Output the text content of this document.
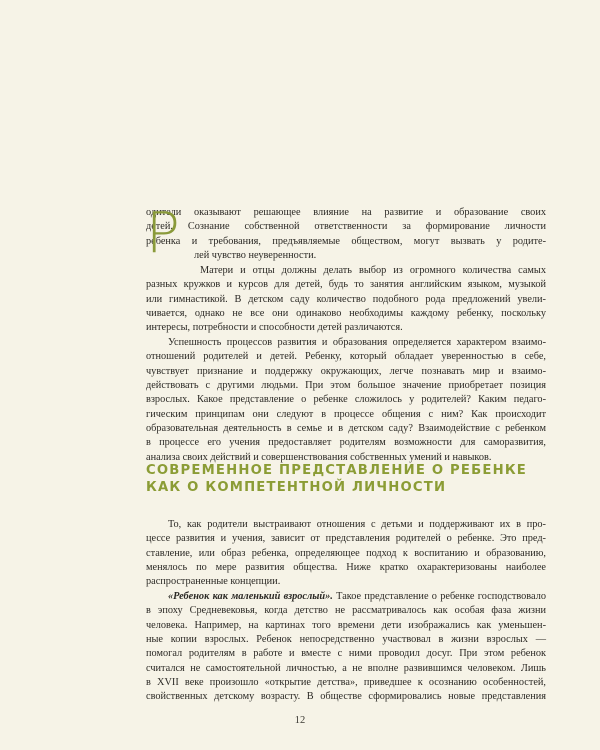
Р

одители оказывают решающее влияние на развитие и образование своих

детей. Сознание собственной ответственности за формирование личности

ребенка и требования, предъявляемые обществом, могут вызвать у родите-

лей чувство неуверенности.

Матери и отцы должны делать выбор из огромного количества самых

разных кружков и курсов для детей, будь то занятия английским языком, музыкой

или гимнастикой. В детском саду количество подобного рода предложений увели-

чивается, однако не все они одинаково необходимы каждому ребенку, поскольку

интересы, потребности и способности детей различаются.

Успешность процессов развития и образования определяется характером взаимо-

отношений родителей и детей. Ребенку, который обладает уверенностью в себе,

чувствует признание и поддержку окружающих, легче познавать мир и взаимо-

действовать с другими людьми. При этом большое значение приобретает позиция

взрослых. Какое представление о ребенке сложилось у родителей? Каким педаго-

гическим принципам они следуют в процессе общения с ним? Как происходит

образовательная деятельность в семье и в детском саду? Взаимодействие с ребенком

в процессе его учения предоставляет родителям возможности для саморазвития,

анализа своих действий и совершенствования собственных умений и навыков.

СОВРЕМЕННОЕ ПРЕДСТАВЛЕНИЕ О РЕБЕНКЕ
КАК О КОМПЕТЕНТНОЙ ЛИЧНОСТИ

То, как родители выстраивают отношения с детьми и поддерживают их в про-

цессе развития и учения, зависит от представления родителей о ребенке. Это пред-

ставление, или образ ребенка, определяющее подход к воспитанию и образованию,

менялось по мере развития общества. Ниже кратко охарактеризованы наиболее

распространенные концепции.

«Ребенок как маленький взрослый». Такое представление о ребенке господствовало

в эпоху Средневековья, когда детство не рассматривалось как особая фаза жизни

человека. Например, на картинах того времени дети изображались как уменьшен-

ные копии взрослых. Ребенок непосредственно участвовал в жизни взрослых —

помогал родителям в работе и вместе с ними проводил досуг. При этом ребенок

считался не самостоятельной личностью, а не вполне развившимся человеком. Лишь

в XVII веке произошло «открытие детства», приведшее к осознанию особенностей,

свойственных детскому возрасту. В обществе сформировались новые представления

12
